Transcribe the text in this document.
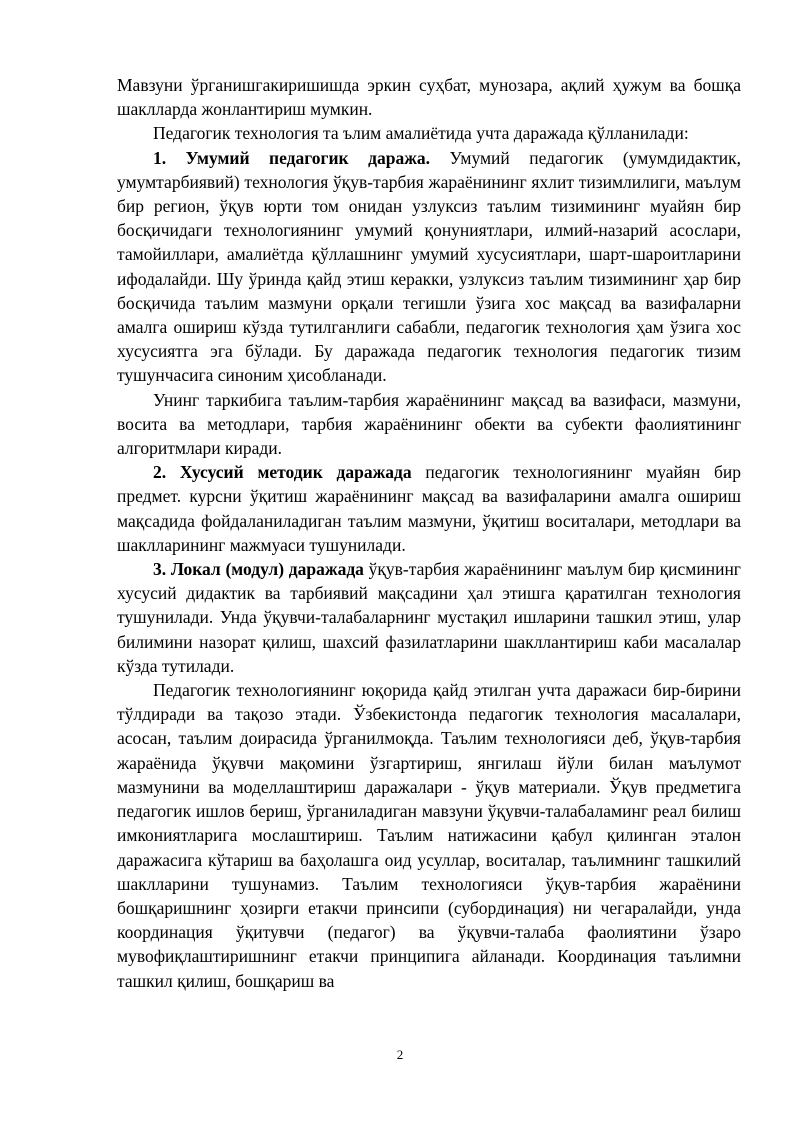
Мавзуни ўрганишгакиришишда эркин суҳбат, мунозара, ақлий ҳужум ва бошқа шаклларда жонлантириш мумкин.

Педагогик технология та ълим амалиётида учта даражада қўлланилади:

1. Умумий педагогик даража. Умумий педагогик (умумдидактик, умумтарбиявий) технология ўқув-тарбия жараёнининг яхлит тизимлилиги, маълум бир регион, ўқув юрти том онидан узлуксиз таълим тизимининг муайян бир босқичидаги технологиянинг умумий қонуниятлари, илмий-назарий асослари, тамойиллари, амалиётда қўллашнинг умумий хусусиятлари, шарт-шароитларини ифодалайди. Шу ўринда қайд этиш керакки, узлуксиз таълим тизимининг ҳар бир босқичида таълим мазмуни орқали тегишли ўзига хос мақсад ва вазифаларни амалга ошириш кўзда тутилганлиги сабабли, педагогик технология ҳам ўзига хос хусусиятга эга бўлади. Бу даражада педагогик технология педагогик тизим тушунчасига синоним ҳисобланади.

Унинг таркибига таълим-тарбия жараёнининг мақсад ва вазифаси, мазмуни, восита ва методлари, тарбия жараёнининг обекти ва субекти фаолиятининг алгоритмлари киради.

2. Хусусий методик даражада педагогик технологиянинг муайян бир предмет. курсни ўқитиш жараёнининг мақсад ва вазифаларини амалга ошириш мақсадида фойдаланиладиган таълим мазмуни, ўқитиш воситалари, методлари ва шаклларининг мажмуаси тушунилади.

3. Локал (модул) даражада ўқув-тарбия жараёнининг маълум бир қисмининг хусусий дидактик ва тарбиявий мақсадини ҳал этишга қаратилган технология тушунилади. Унда ўқувчи-талабаларнинг мустақил ишларини ташкил этиш, улар билимини назорат қилиш, шахсий фазилатларини шакллантириш каби масалалар кўзда тутилади.

Педагогик технологиянинг юқорида қайд этилган учта даражаси бир-бирини тўлдиради ва тақозо этади. Ўзбекистонда педагогик технология масалалари, асосан, таълим доирасида ўрганилмоқда. Таълим технологияси деб, ўқув-тарбия жараёнида ўқувчи мақомини ўзгартириш, янгилаш йўли билан маълумот мазмунини ва моделлаштириш даражалари - ўқув материали. Ўқув предметига педагогик ишлов бериш, ўрганиладиган мавзуни ўқувчи-талабаламинг реал билиш имкониятларига мослаштириш. Таълим натижасини қабул қилинган эталон даражасига кўтариш ва баҳолашга оид усуллар, воситалар, таълимнинг ташкилий шаклларини тушунамиз. Таълим технологияси ўқув-тарбия жараёнини бошқаришнинг ҳозирги етакчи принсипи (субординация) ни чегаралайди, унда координация ўқитувчи (педагог) ва ўқувчи-талаба фаолиятини ўзаро мувофиқлаштиришнинг етакчи принципига айланади. Координация таълимни ташкил қилиш, бошқариш ва

2
